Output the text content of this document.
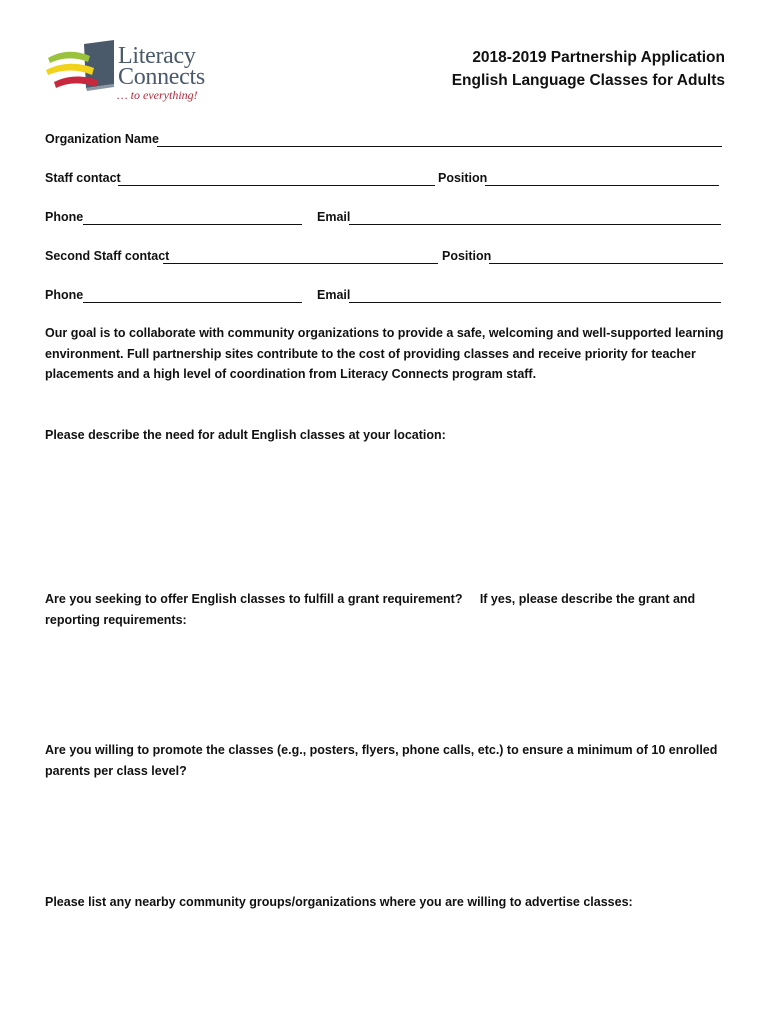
Literacy
Connects
… to everything!
2018-2019 Partnership Application
English Language Classes for Adults
Organization Name
Staff contact	Position
Phone	Email
Second Staff contact	Position
Phone	Email
Our goal is to collaborate with community organizations to provide a safe, welcoming and well-supported learning environment. Full partnership sites contribute to the cost of providing classes and receive priority for teacher placements and a high level of coordination from Literacy Connects program staff.
Please describe the need for adult English classes at your location:
Are you seeking to offer English classes to fulfill a grant requirement?     If yes, please describe the grant and reporting requirements:
Are you willing to promote the classes (e.g., posters, flyers, phone calls, etc.) to ensure a minimum of 10 enrolled parents per class level?
Please list any nearby community groups/organizations where you are willing to advertise classes:
